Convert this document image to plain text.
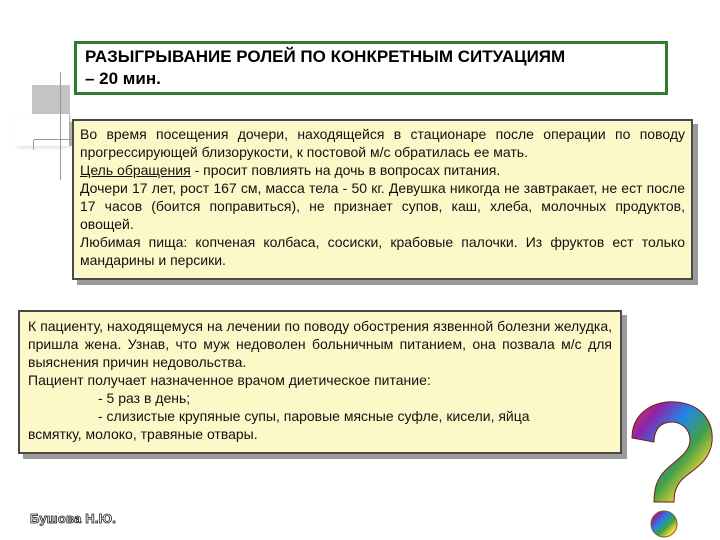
РАЗЫГРЫВАНИЕ РОЛЕЙ ПО КОНКРЕТНЫМ СИТУАЦИЯМ
– 20 мин.

Во время посещения дочери, находящейся в стационаре после операции по поводу прогрессирующей близорукости, к постовой м/с обратилась ее мать.

Цель обращения - просит повлиять на дочь в вопросах питания.

Дочери 17 лет, рост 167 см, масса тела - 50 кг. Девушка никогда не завтракает, не ест после 17 часов (боится поправиться), не признает супов, каш, хлеба, молочных продуктов, овощей.

Любимая пища: копченая колбаса, сосиски, крабовые палочки. Из фруктов ест только мандарины и персики.

К пациенту, находящемуся на лечении по поводу обострения язвенной болезни желудка, пришла жена. Узнав, что муж недоволен больничным питанием, она позвала м/с для выяснения причин недовольства.

Пациент получает назначенное врачом диетическое питание:

- 5 раз в день;

- слизистые крупяные супы, паровые мясные суфле, кисели, яйца

всмятку, молоко, травяные отвары.

Бушова Н.Ю.
